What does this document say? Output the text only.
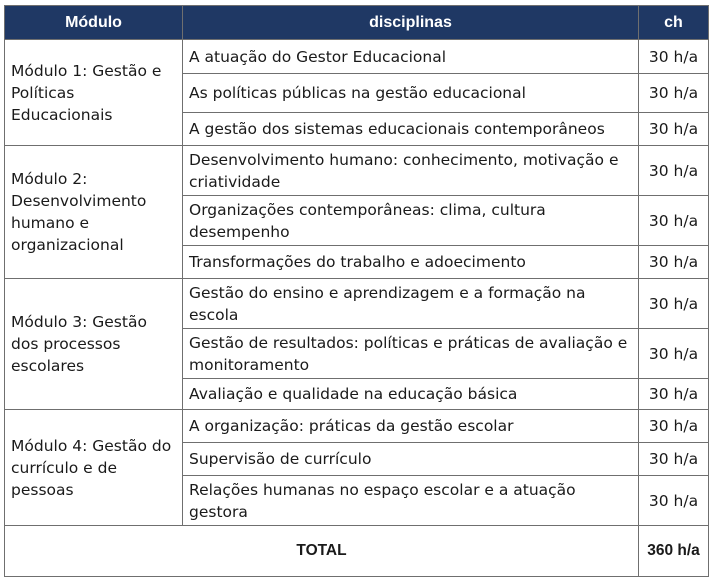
Módulo	disciplinas	ch
Módulo 1: Gestão e Políticas Educacionais	A atuação do Gestor Educacional	30 h/a
	As políticas públicas na gestão educacional	30 h/a
	A gestão dos sistemas educacionais contemporâneos	30 h/a
Módulo 2: Desenvolvimento humano e organizacional	Desenvolvimento humano: conhecimento, motivação e criatividade	30 h/a
	Organizações contemporâneas: clima, cultura desempenho	30 h/a
	Transformações do trabalho e adoecimento	30 h/a
Módulo 3: Gestão dos processos escolares	Gestão do ensino e aprendizagem e a formação na escola	30 h/a
	Gestão de resultados: políticas e práticas de avaliação e monitoramento	30 h/a
	Avaliação e qualidade na educação básica	30 h/a
Módulo 4: Gestão do currículo e de pessoas	A organização: práticas da gestão escolar	30 h/a
	Supervisão de currículo	30 h/a
	Relações humanas no espaço escolar e a atuação gestora	30 h/a
TOTAL		360 h/a
